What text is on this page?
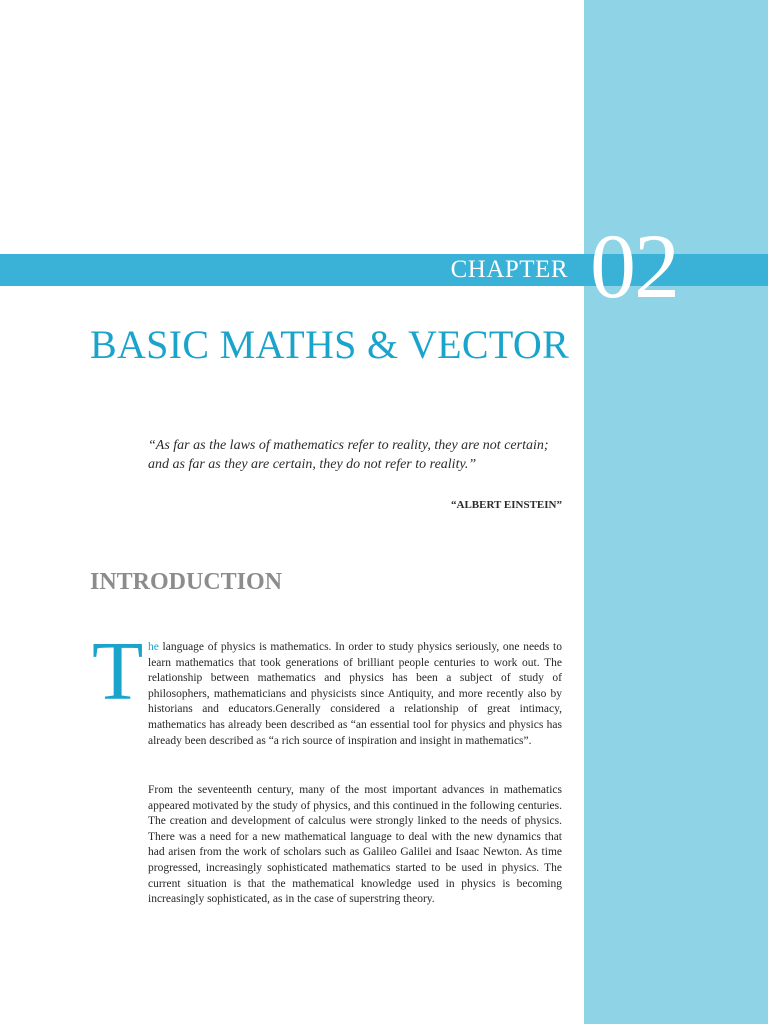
CHAPTER 02
BASIC MATHS & VECTOR

“As far as the laws of mathematics refer to reality, they are not certain; and as far as they are certain, they do not refer to reality.”

“ALBERT EINSTEIN”
INTRODUCTION
T he language of physics is mathematics. In order to study physics seriously, one needs to learn mathematics that took generations of brilliant people centuries to work out. The relationship between mathematics and physics has been a subject of study of philosophers, mathematicians and physicists since Antiquity, and more recently also by historians and educators.Generally considered a relationship of great intimacy, mathematics has already been described as “an essential tool for physics and physics has already been described as “a rich source of inspiration and insight in mathematics”.

From the seventeenth century, many of the most important advances in mathematics appeared motivated by the study of physics, and this continued in the following centuries. The creation and development of calculus were strongly linked to the needs of physics. There was a need for a new mathematical language to deal with the new dynamics that had arisen from the work of scholars such as Galileo Galilei and Isaac Newton. As time progressed, increasingly sophisticated mathematics started to be used in physics. The current situation is that the mathematical knowledge used in physics is becoming increasingly sophisticated, as in the case of superstring theory.
